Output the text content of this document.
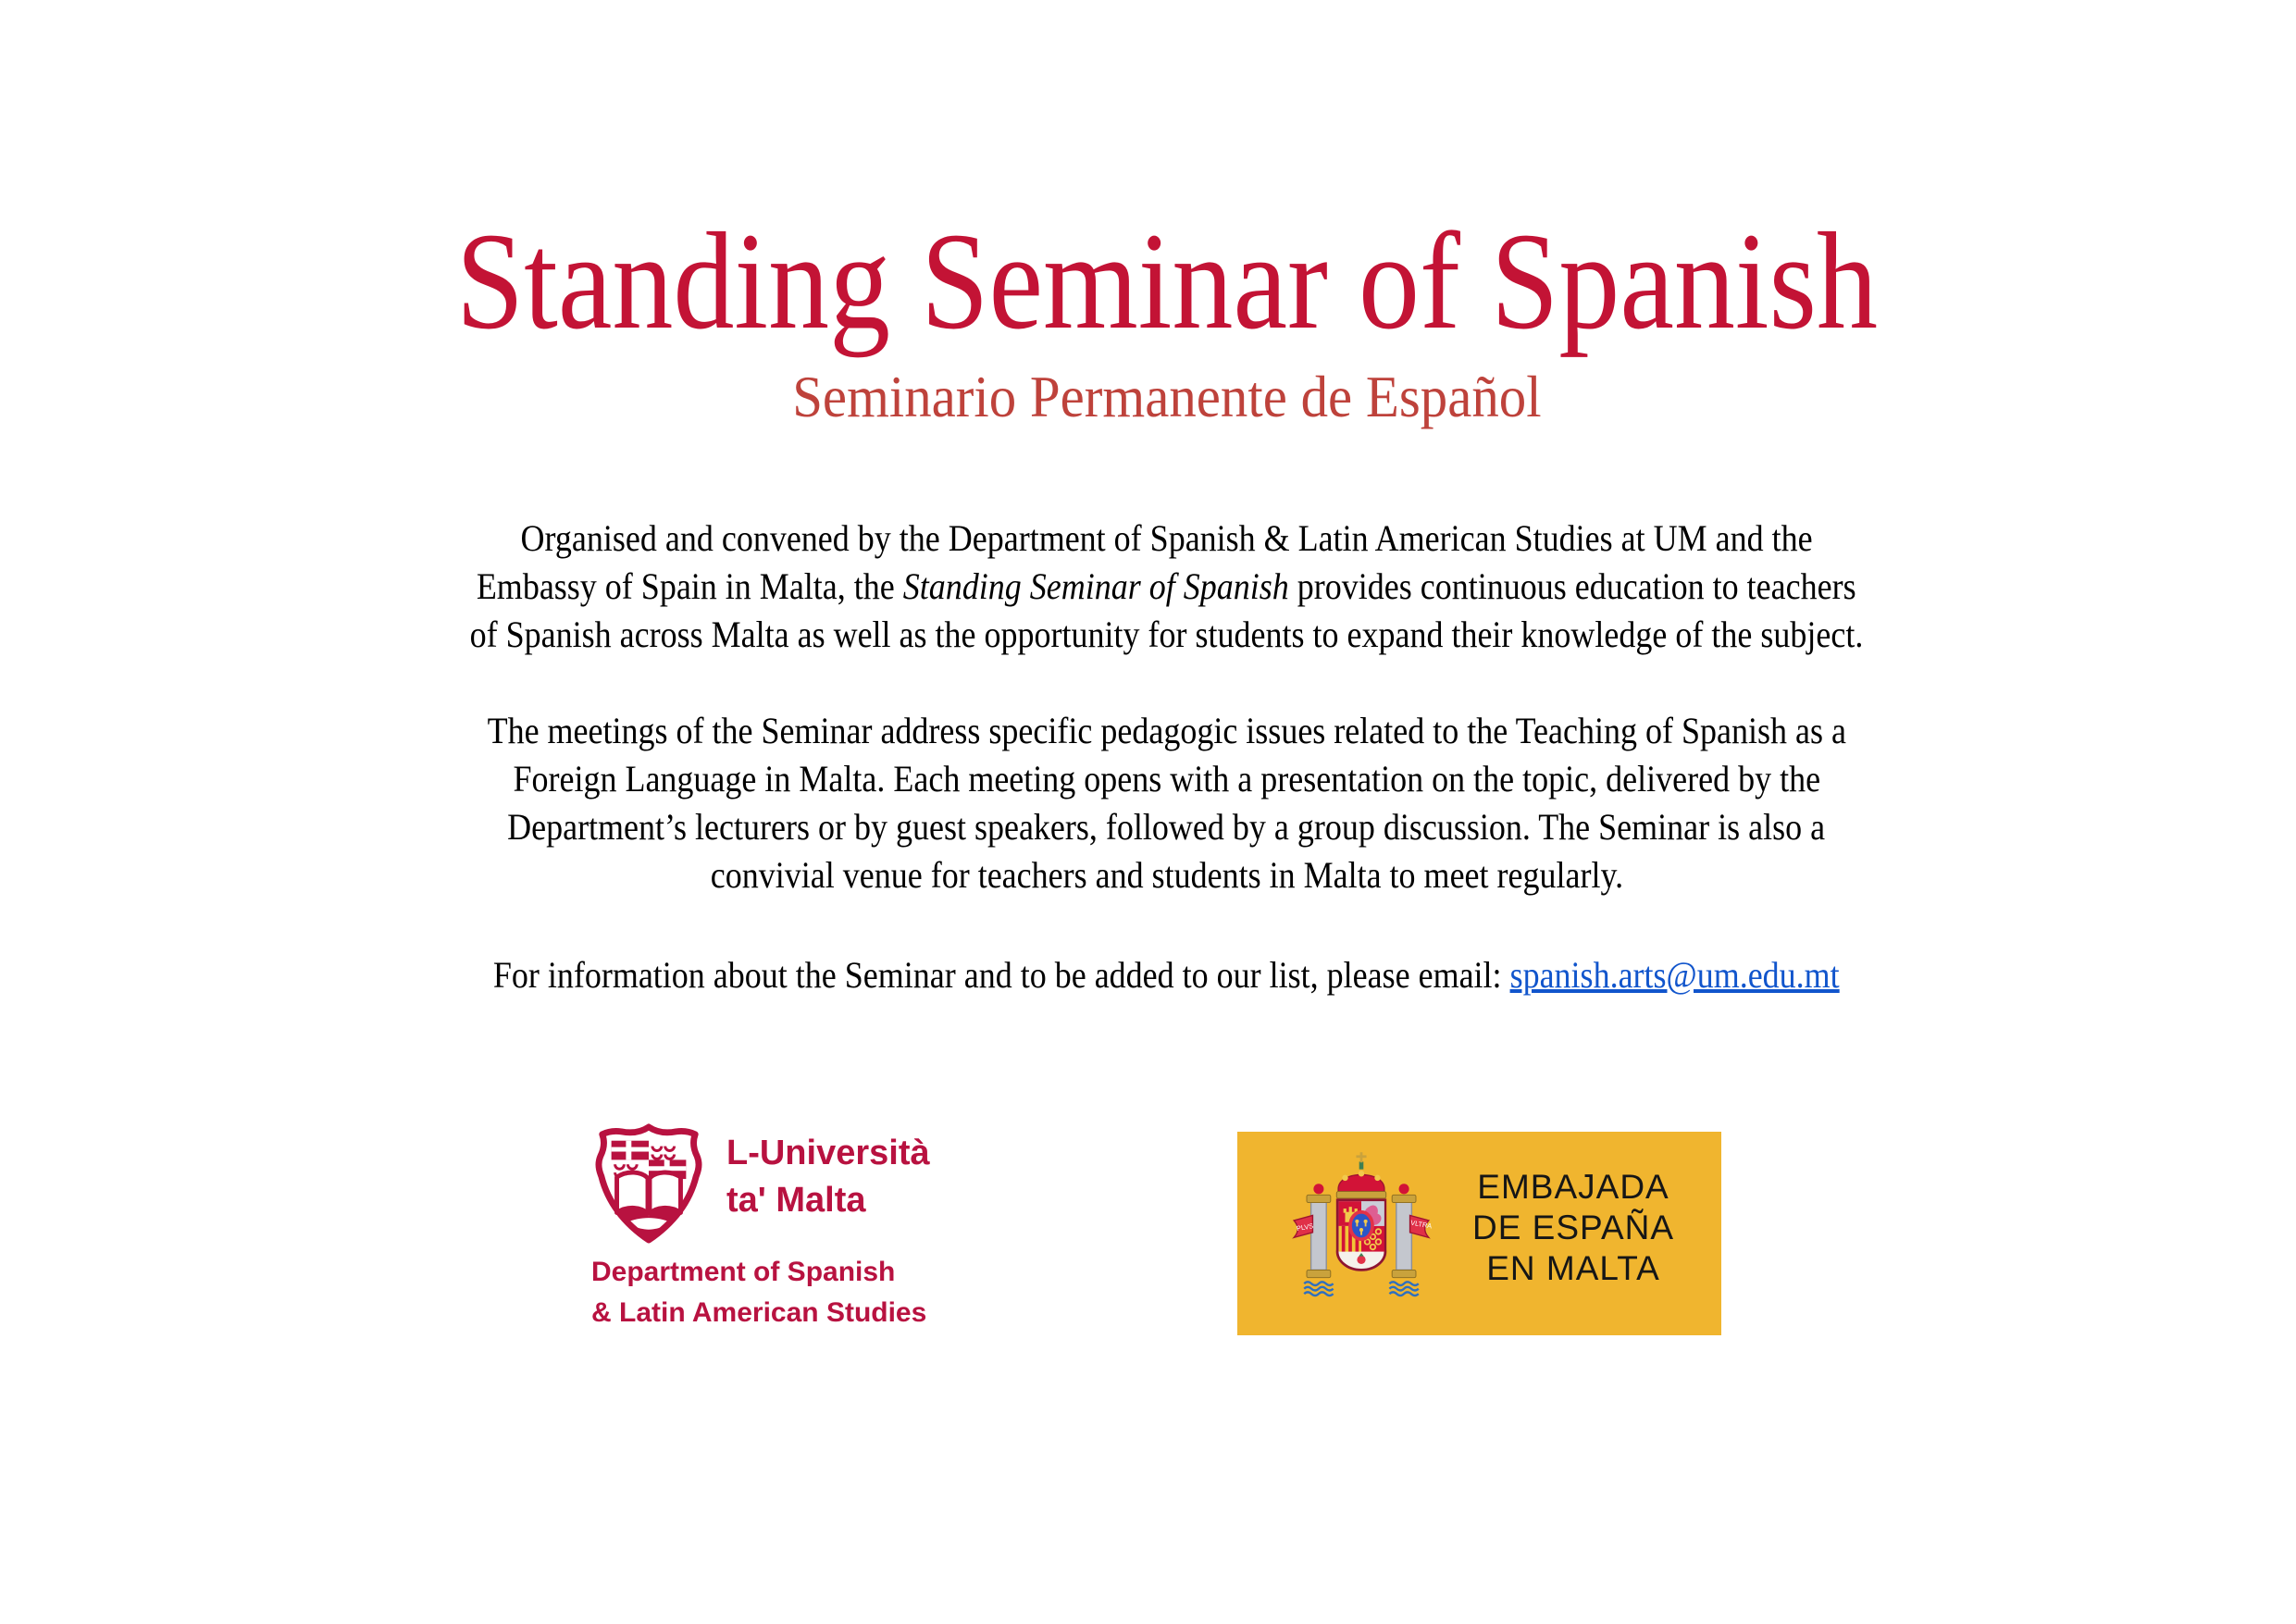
Standing Seminar of Spanish
Seminario Permanente de Español
Organised and convened by the Department of Spanish & Latin American Studies at UM and the
Embassy of Spain in Malta, the Standing Seminar of Spanish provides continuous education to teachers
of Spanish across Malta as well as the opportunity for students to expand their knowledge of the subject.
The meetings of the Seminar address specific pedagogic issues related to the Teaching of Spanish as a
Foreign Language in Malta. Each meeting opens with a presentation on the topic, delivered by the
Department’s lecturers or by guest speakers, followed by a group discussion. The Seminar is also a
convivial venue for teachers and students in Malta to meet regularly.
For information about the Seminar and to be added to our list, please email: spanish.arts@um.edu.mt
L-Università
ta' Malta
Department of Spanish
& Latin American Studies
PLVS	VLTRA
EMBAJADA
DE ESPAÑA
EN MALTA
